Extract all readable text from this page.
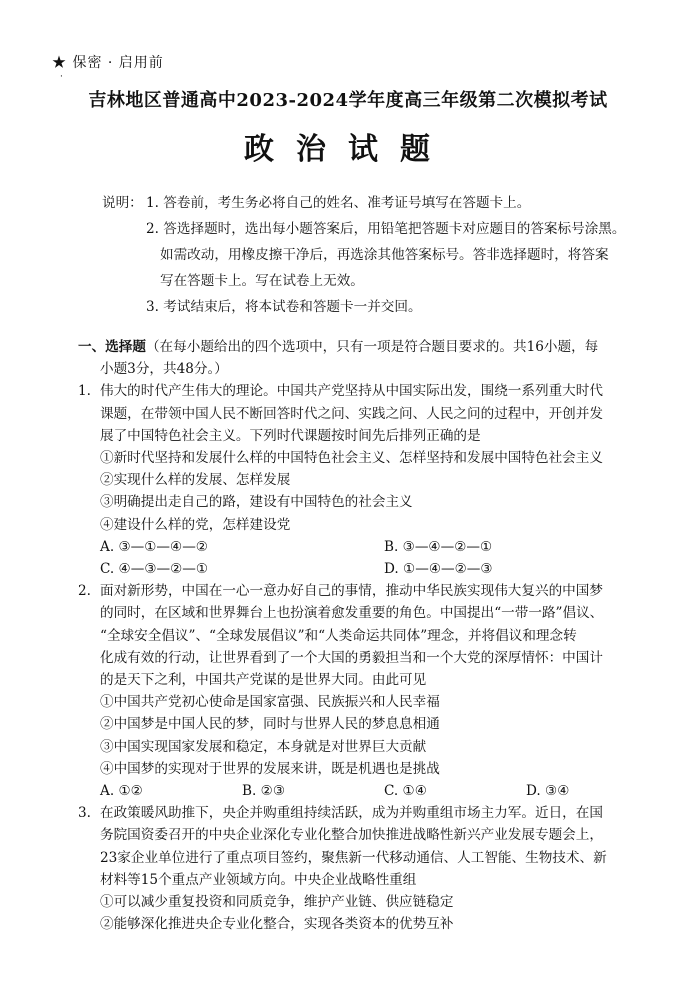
★ 保密 · 启用前
·
吉林地区普通高中2023-2024学年度高三年级第二次模拟考试
政治试题
说明： 1. 答卷前，考生务必将自己的姓名、准考证号填写在答题卡上。
2. 答选择题时，选出每小题答案后，用铅笔把答题卡对应题目的答案标号涂黑。
如需改动，用橡皮擦干净后，再选涂其他答案标号。答非选择题时，将答案
写在答题卡上。写在试卷上无效。
3. 考试结束后，将本试卷和答题卡一并交回。
一、选择题（在每小题给出的四个选项中，只有一项是符合题目要求的。共16小题，每
小题3分，共48分。）
1. 伟大的时代产生伟大的理论。中国共产党坚持从中国实际出发，围绕一系列重大时代
课题，在带领中国人民不断回答时代之问、实践之问、人民之问的过程中，开创并发
展了中国特色社会主义。下列时代课题按时间先后排列正确的是
①新时代坚持和发展什么样的中国特色社会主义、怎样坚持和发展中国特色社会主义
②实现什么样的发展、怎样发展
③明确提出走自己的路，建设有中国特色的社会主义
④建设什么样的党，怎样建设党
A. ③—①—④—②	B. ③—④—②—①
C. ④—③—②—①	D. ①—④—②—③
2. 面对新形势，中国在一心一意办好自己的事情，推动中华民族实现伟大复兴的中国梦
的同时，在区域和世界舞台上也扮演着愈发重要的角色。中国提出“一带一路”倡议、
“全球安全倡议”、“全球发展倡议”和“人类命运共同体”理念，并将倡议和理念转
化成有效的行动，让世界看到了一个大国的勇毅担当和一个大党的深厚情怀：中国计
的是天下之利，中国共产党谋的是世界大同。由此可见
①中国共产党初心使命是国家富强、民族振兴和人民幸福
②中国梦是中国人民的梦，同时与世界人民的梦息息相通
③中国实现国家发展和稳定，本身就是对世界巨大贡献
④中国梦的实现对于世界的发展来讲，既是机遇也是挑战
A. ①②	B. ②③	C. ①④	D. ③④
3. 在政策暖风助推下，央企并购重组持续活跃，成为并购重组市场主力军。近日，在国
务院国资委召开的中央企业深化专业化整合加快推进战略性新兴产业发展专题会上，
23家企业单位进行了重点项目签约，聚焦新一代移动通信、人工智能、生物技术、新
材料等15个重点产业领域方向。中央企业战略性重组
①可以减少重复投资和同质竞争，维护产业链、供应链稳定
②能够深化推进央企专业化整合，实现各类资本的优势互补
